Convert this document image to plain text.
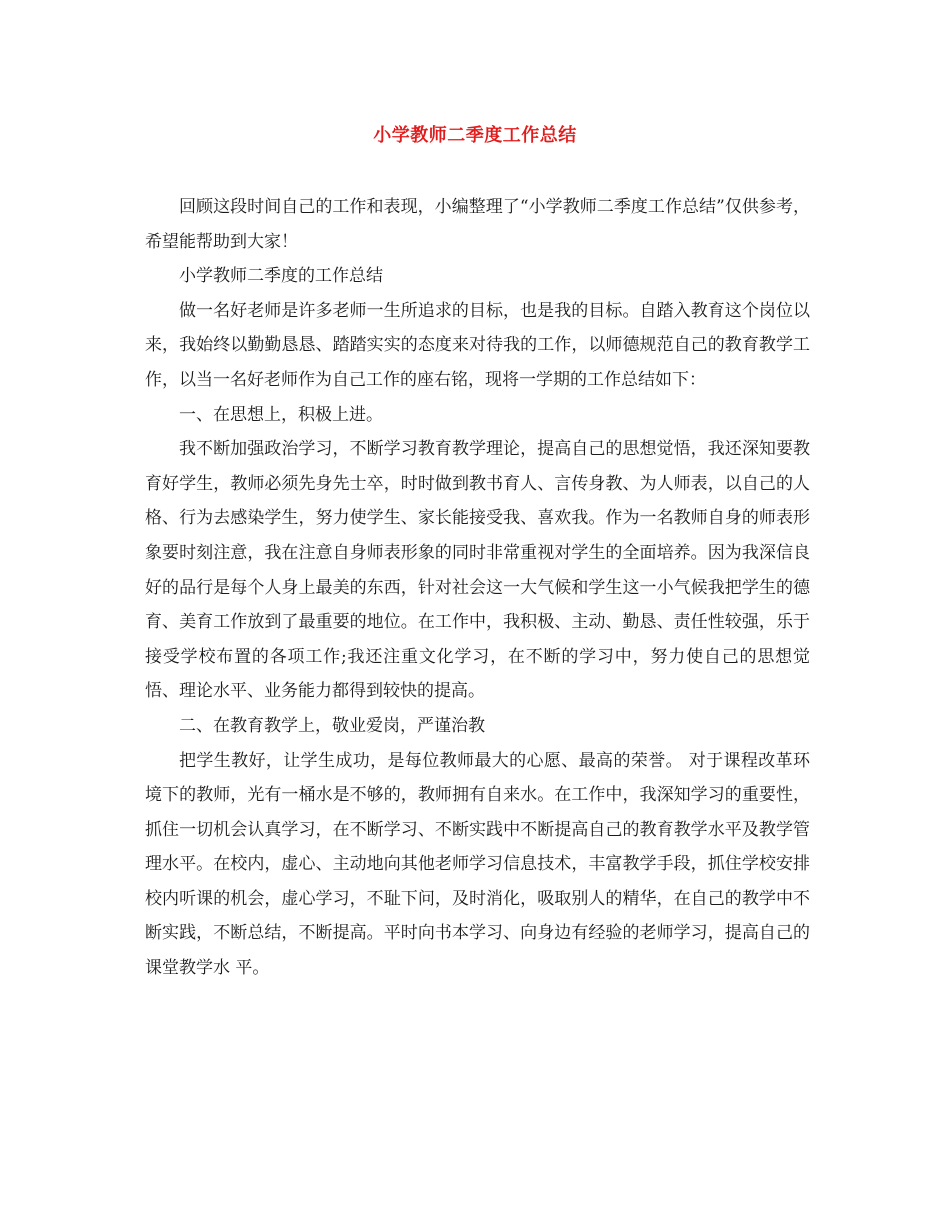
小学教师二季度工作总结

回顾这段时间自己的工作和表现，小编整理了“小学教师二季度工作总结”仅供参考，希望能帮助到大家！

小学教师二季度的工作总结

做一名好老师是许多老师一生所追求的目标，也是我的目标。自踏入教育这个岗位以来，我始终以勤勤恳恳、踏踏实实的态度来对待我的工作，以师德规范自己的教育教学工作，以当一名好老师作为自己工作的座右铭，现将一学期的工作总结如下：

一、在思想上，积极上进。

我不断加强政治学习，不断学习教育教学理论，提高自己的思想觉悟，我还深知要教育好学生，教师必须先身先士卒，时时做到教书育人、言传身教、为人师表，以自己的人格、行为去感染学生，努力使学生、家长能接受我、喜欢我。作为一名教师自身的师表形象要时刻注意，我在注意自身师表形象的同时非常重视对学生的全面培养。因为我深信良好的品行是每个人身上最美的东西，针对社会这一大气候和学生这一小气候我把学生的德育、美育工作放到了最重要的地位。在工作中，我积极、主动、勤恳、责任性较强，乐于接受学校布置的各项工作;我还注重文化学习，在不断的学习中，努力使自己的思想觉悟、理论水平、业务能力都得到较快的提高。

二、在教育教学上，敬业爱岗，严谨治教

把学生教好，让学生成功，是每位教师最大的心愿、最高的荣誉。 对于课程改革环境下的教师，光有一桶水是不够的，教师拥有自来水。在工作中，我深知学习的重要性，抓住一切机会认真学习，在不断学习、不断实践中不断提高自己的教育教学水平及教学管理水平。在校内，虚心、主动地向其他老师学习信息技术，丰富教学手段，抓住学校安排校内听课的机会，虚心学习，不耻下问，及时消化，吸取别人的精华，在自己的教学中不断实践，不断总结，不断提高。平时向书本学习、向身边有经验的老师学习，提高自己的课堂教学水 平。
